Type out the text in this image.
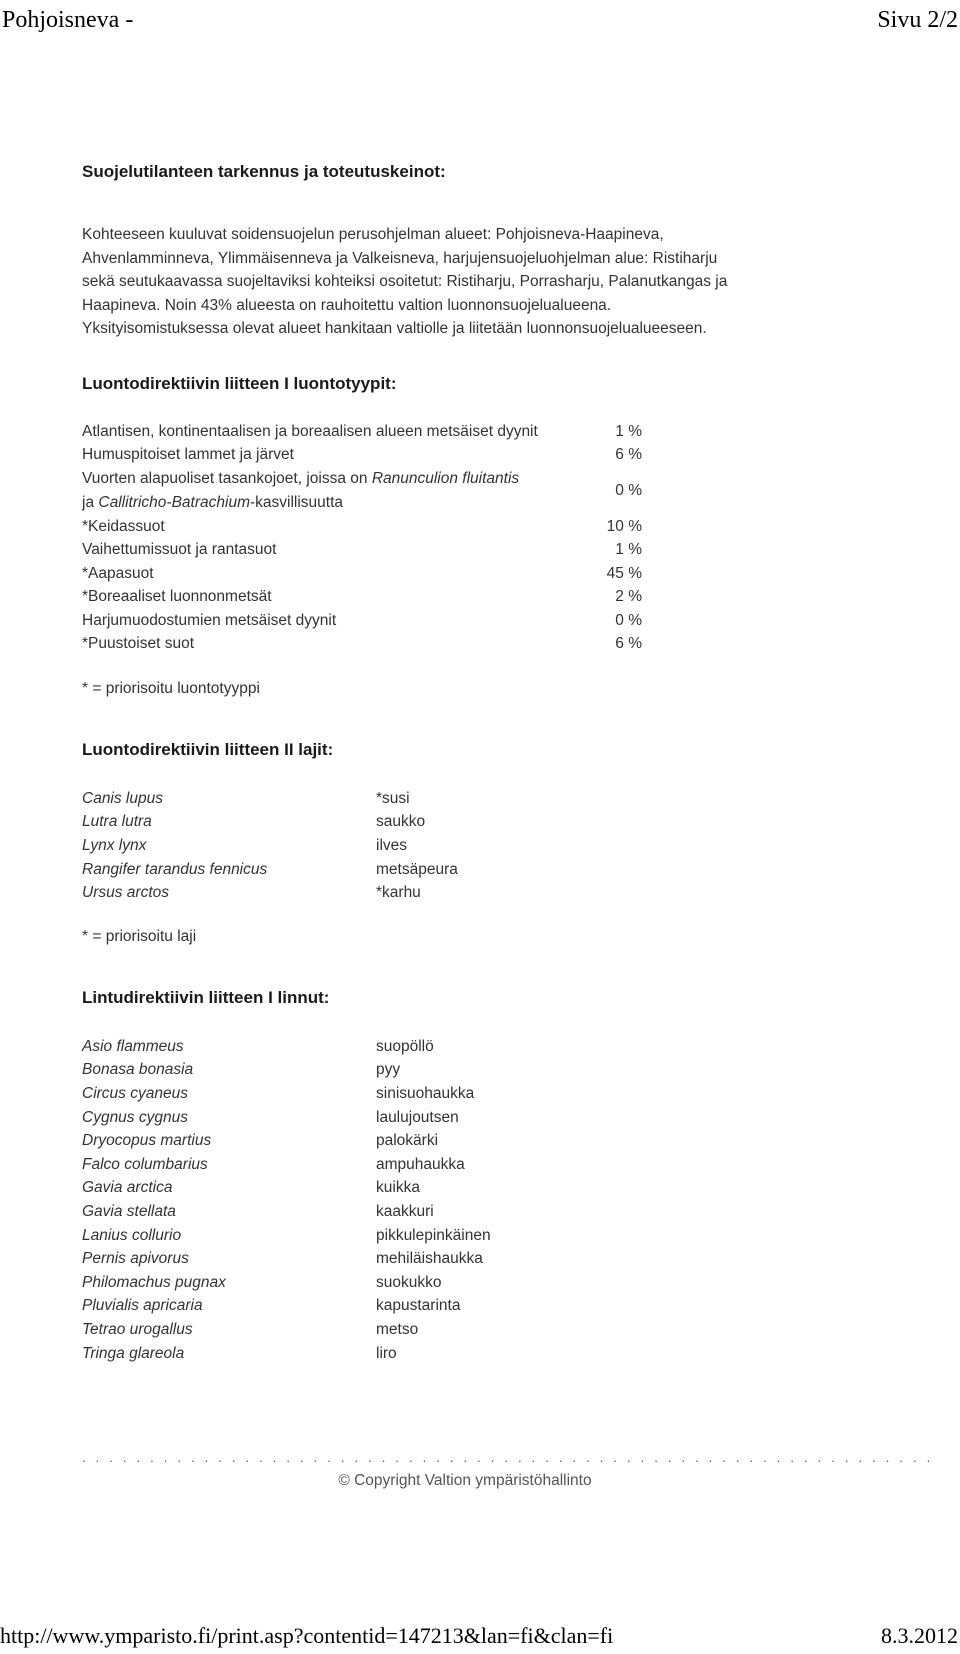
Pohjoisneva -	Sivu 2/2
Suojelutilanteen tarkennus ja toteutuskeinot:

Kohteeseen kuuluvat soidensuojelun perusohjelman alueet: Pohjoisneva-Haapineva,
Ahvenlamminneva, Ylimmäisenneva ja Valkeisneva, harjujensuojeluohjelman alue: Ristiharju
sekä seutukaavassa suojeltaviksi kohteiksi osoitetut: Ristiharju, Porrasharju, Palanutkangas ja
Haapineva. Noin 43% alueesta on rauhoitettu valtion luonnonsuojelualueena.
Yksityisomistuksessa olevat alueet hankitaan valtiolle ja liitetään luonnonsuojelualueeseen.

Luontodirektiivin liitteen I luontotyypit:
Atlantisen, kontinentaalisen ja boreaalisen alueen metsäiset dyynit	1 %
Humuspitoiset lammet ja järvet	6 %
Vuorten alapuoliset tasankojoet, joissa on Ranunculion fluitantis
ja Callitricho-Batrachium-kasvillisuutta	0 %
*Keidassuot	10 %
Vaihettumissuot ja rantasuot	1 %
*Aapasuot	45 %
*Boreaaliset luonnonmetsät	2 %
Harjumuodostumien metsäiset dyynit	0 %
*Puustoiset suot	6 %

* = priorisoitu luontotyyppi

Luontodirektiivin liitteen II lajit:
Canis lupus	*susi
Lutra lutra	saukko
Lynx lynx	ilves
Rangifer tarandus fennicus	metsäpeura
Ursus arctos	*karhu

* = priorisoitu laji

Lintudirektiivin liitteen I linnut:
Asio flammeus	suopöllö
Bonasa bonasia	pyy
Circus cyaneus	sinisuohaukka
Cygnus cygnus	laulujoutsen
Dryocopus martius	palokärki
Falco columbarius	ampuhaukka
Gavia arctica	kuikka
Gavia stellata	kaakkuri
Lanius collurio	pikkulepinkäinen
Pernis apivorus	mehiläishaukka
Philomachus pugnax	suokukko
Pluvialis apricaria	kapustarinta
Tetrao urogallus	metso
Tringa glareola	liro
. . . . . . . . . . . . . . . . . . . . . . . . . . . . . . . . . . . . . . . . . . . . . . . . . . . . . . . . . . . . . . .
© Copyright Valtion ympäristöhallinto
http://www.ymparisto.fi/print.asp?contentid=147213&lan=fi&clan=fi	8.3.2012
